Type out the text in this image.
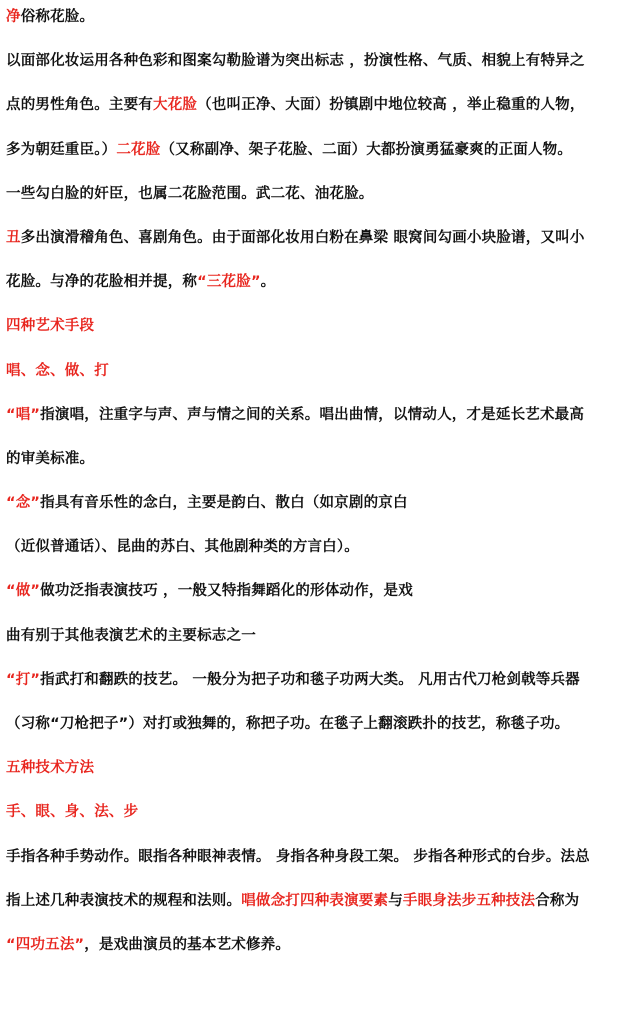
净俗称花脸。
以面部化妆运用各种色彩和图案勾勒脸谱为突出标志 ，扮演性格、气质、相貌上有特异之
点的男性角色。主要有大花脸（也叫正净、大面）扮镇剧中地位较高 ，举止稳重的人物，
多为朝廷重臣。）二花脸（又称副净、架子花脸、二面）大都扮演勇猛豪爽的正面人物。
一些勾白脸的奸臣，也属二花脸范围。武二花、油花脸。
丑多出演滑稽角色、喜剧角色。由于面部化妆用白粉在鼻梁 眼窝间勾画小块脸谱，又叫小
花脸。与净的花脸相并提，称“三花脸”。
四种艺术手段
唱、念、做、打
“唱”指演唱，注重字与声、声与情之间的关系。唱出曲情，以情动人，才是延长艺术最高
的审美标准。
“念”指具有音乐性的念白，主要是韵白、散白（如京剧的京白
（近似普通话）、昆曲的苏白、其他剧种类的方言白）。
“做”做功泛指表演技巧 ，一般又特指舞蹈化的形体动作，是戏
曲有别于其他表演艺术的主要标志之一
“打”指武打和翻跌的技艺。 一般分为把子功和毯子功两大类。 凡用古代刀枪剑戟等兵器
（习称“刀枪把子”）对打或独舞的，称把子功。在毯子上翻滚跌扑的技艺，称毯子功。
五种技术方法
手、眼、身、法、步
手指各种手势动作。眼指各种眼神表情。 身指各种身段工架。 步指各种形式的台步。法总
指上述几种表演技术的规程和法则。唱做念打四种表演要素与手眼身法步五种技法合称为
“四功五法”，是戏曲演员的基本艺术修养。
